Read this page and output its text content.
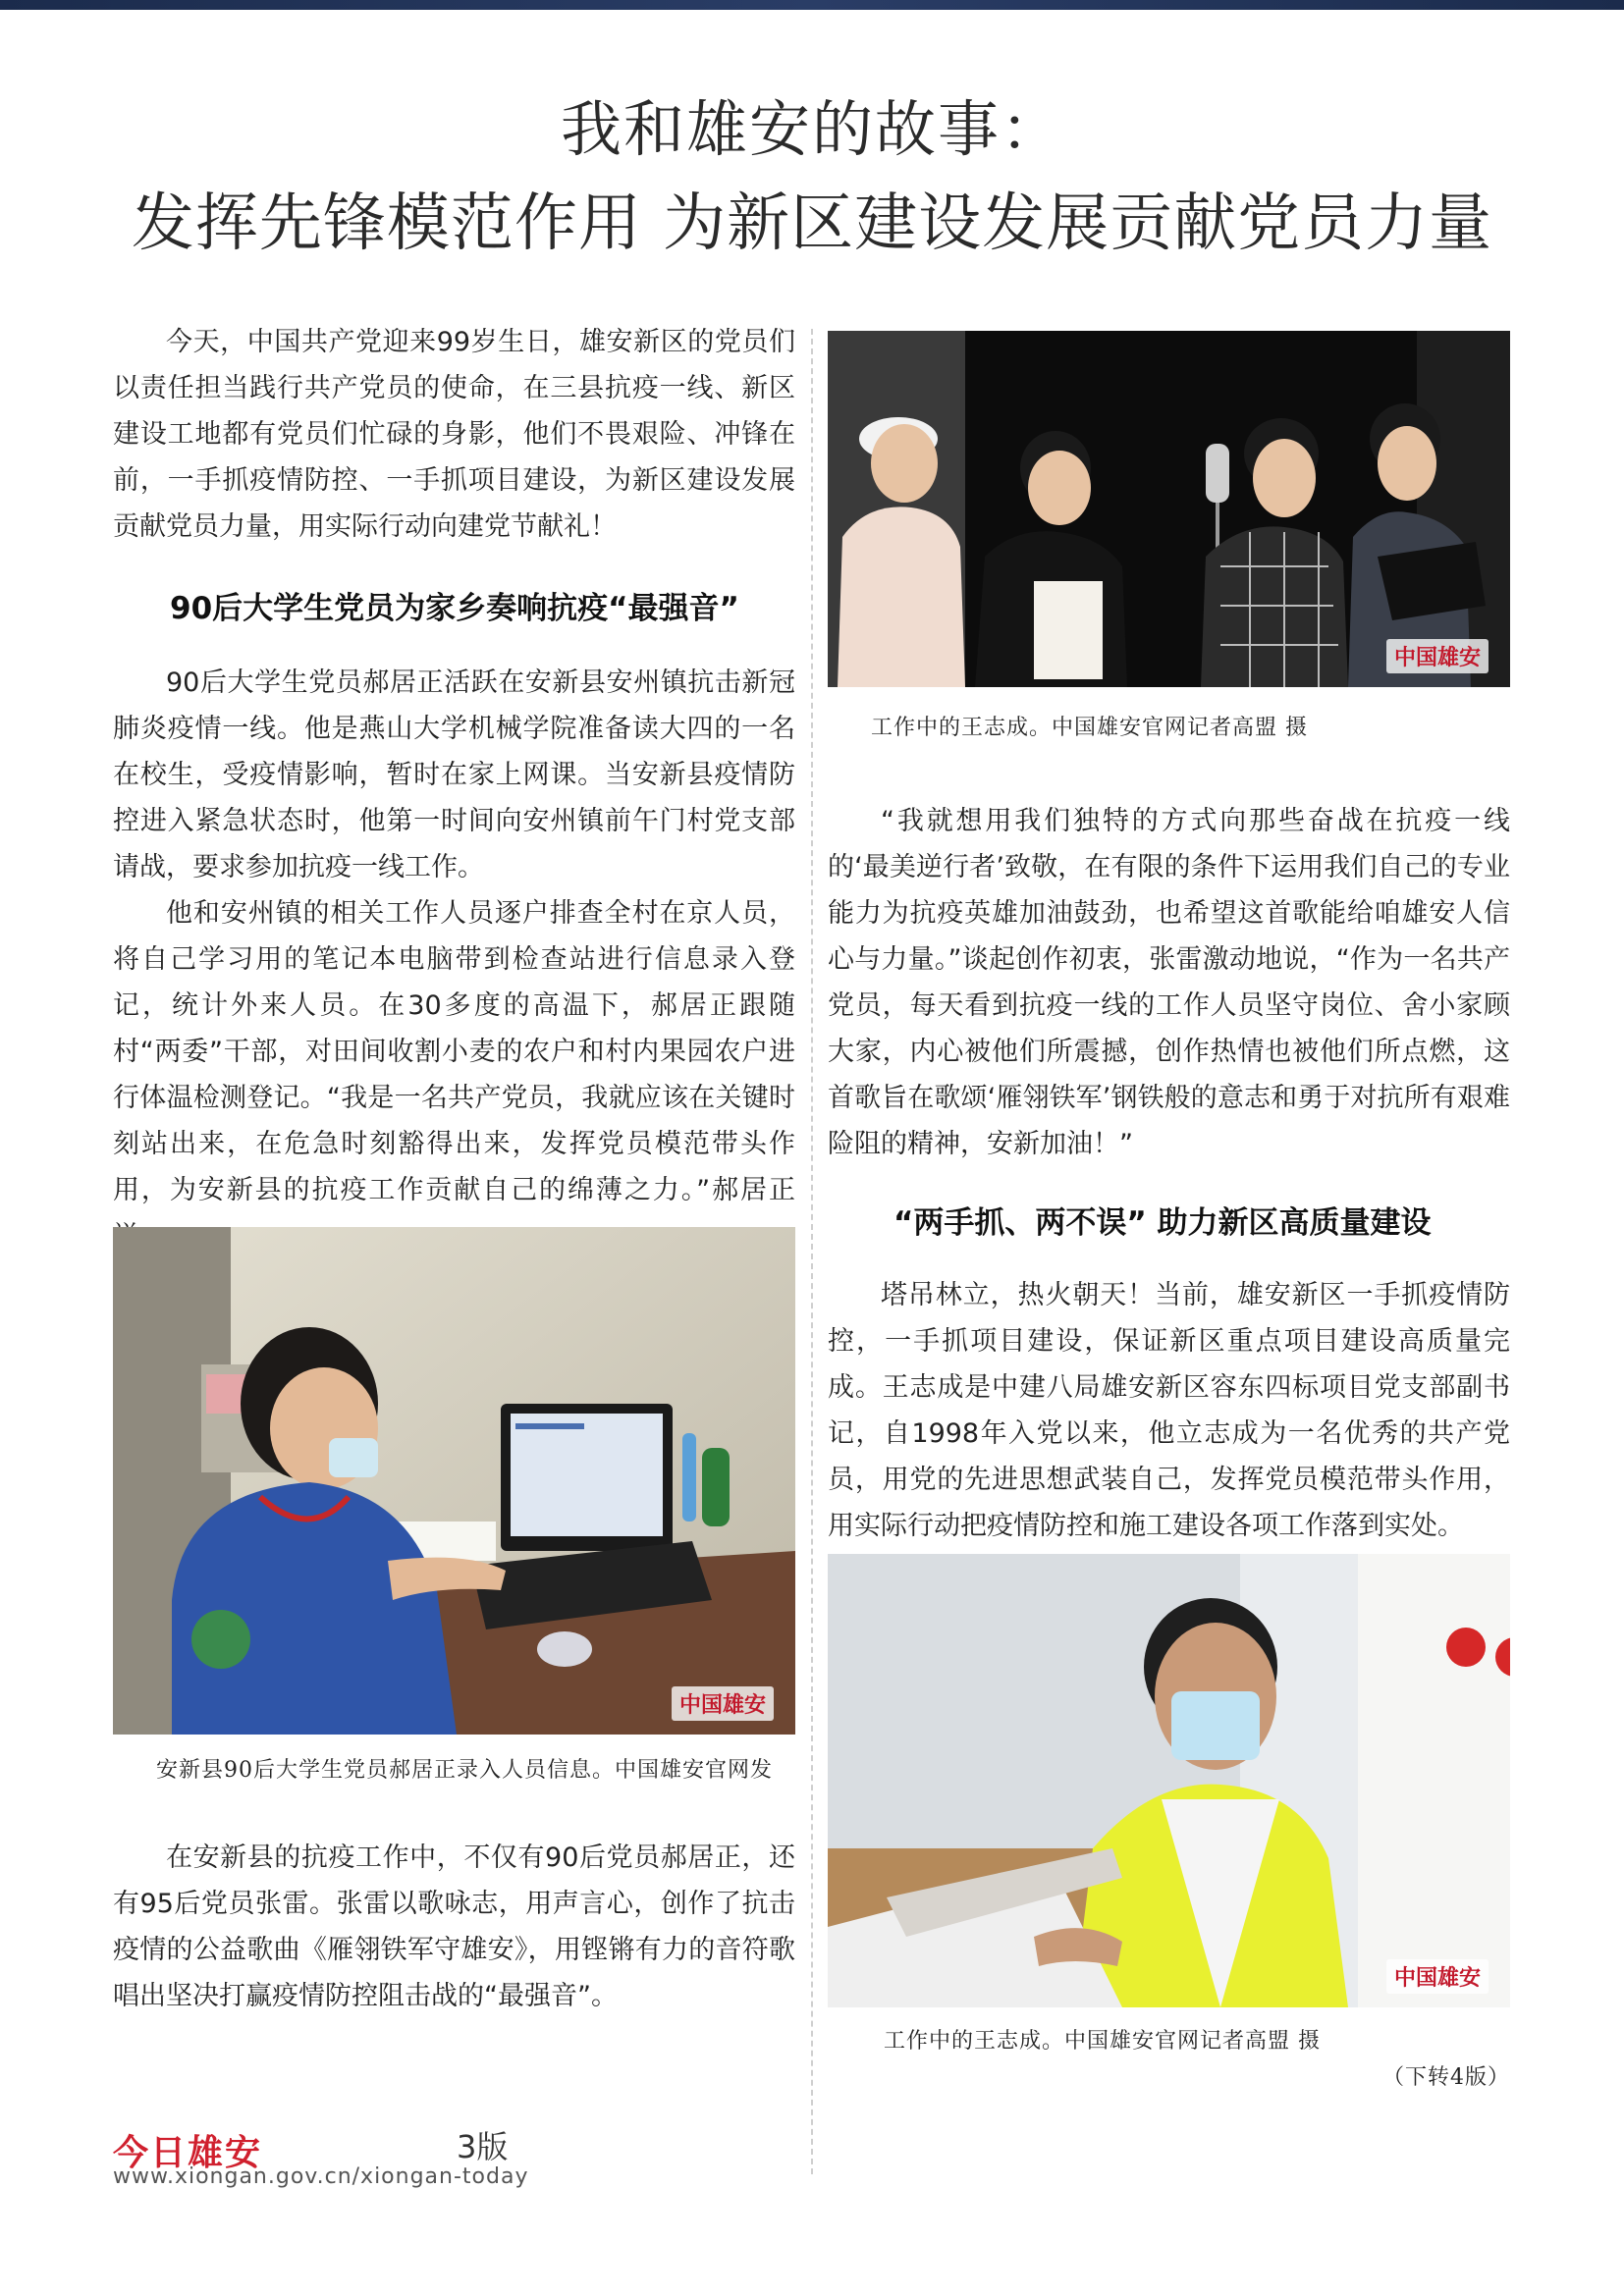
我和雄安的故事：
发挥先锋模范作用 为新区建设发展贡献党员力量

今天，中国共产党迎来99岁生日，雄安新区的党员们以责任担当践行共产党员的使命，在三县抗疫一线、新区建设工地都有党员们忙碌的身影，他们不畏艰险、冲锋在前，一手抓疫情防控、一手抓项目建设，为新区建设发展贡献党员力量，用实际行动向建党节献礼！

90后大学生党员为家乡奏响抗疫“最强音”

90后大学生党员郝居正活跃在安新县安州镇抗击新冠肺炎疫情一线。他是燕山大学机械学院准备读大四的一名在校生，受疫情影响，暂时在家上网课。当安新县疫情防控进入紧急状态时，他第一时间向安州镇前午门村党支部请战，要求参加抗疫一线工作。

他和安州镇的相关工作人员逐户排查全村在京人员，将自己学习用的笔记本电脑带到检查站进行信息录入登记，统计外来人员。在30多度的高温下，郝居正跟随村“两委”干部，对田间收割小麦的农户和村内果园农户进行体温检测登记。“我是一名共产党员，我就应该在关键时刻站出来，在危急时刻豁得出来，发挥党员模范带头作用，为安新县的抗疫工作贡献自己的绵薄之力。”郝居正

中国雄安

安新县90后大学生党员郝居正录入人员信息。中国雄安官网发

在安新县的抗疫工作中，不仅有90后党员郝居正，还有95后党员张雷。张雷以歌咏志，用声言心，创作了抗击疫情的公益歌曲《雁翎铁军守雄安》，用铿锵有力的音符歌唱出坚决打赢疫情防控阻击战的“最强音”。

中国雄安

工作中的王志成。中国雄安官网记者高盟 摄

“我就想用我们独特的方式向那些奋战在抗疫一线的‘最美逆行者’致敬，在有限的条件下运用我们自己的专业能力为抗疫英雄加油鼓劲，也希望这首歌能给咱雄安人信心与力量。”谈起创作初衷，张雷激动地说，“作为一名共产党员，每天看到抗疫一线的工作人员坚守岗位、舍小家顾大家，内心被他们所震撼，创作热情也被他们所点燃，这首歌旨在歌颂‘雁翎铁军’钢铁般的意志和勇于对抗所有艰难险阻的精神，安新加油！”

“两手抓、两不误” 助力新区高质量建设

塔吊林立，热火朝天！当前，雄安新区一手抓疫情防控，一手抓项目建设，保证新区重点项目建设高质量完成。王志成是中建八局雄安新区容东四标项目党支部副书记，自1998年入党以来，他立志成为一名优秀的共产党员，用党的先进思想武装自己，发挥党员模范带头作用，用实际行动把疫情防控和施工建设各项工作落到实处。

中国雄安

工作中的王志成。中国雄安官网记者高盟 摄

（下转4版）

今日雄安	3版
www.xiongan.gov.cn/xiongan-today
